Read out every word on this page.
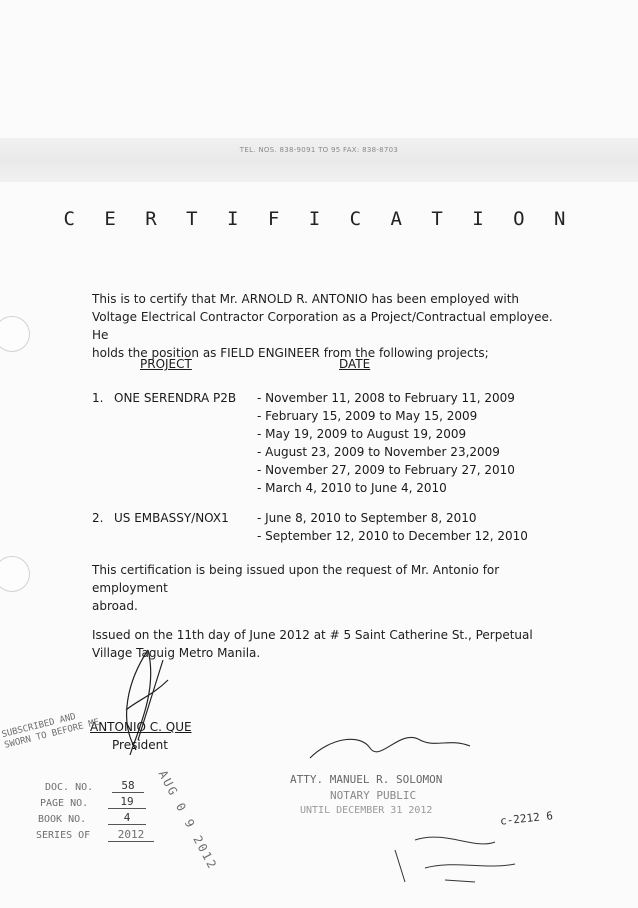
TEL. NOS. 838-9091 TO 95 FAX: 838-8703
C E R T I F I C A T I O N
This is to certify that Mr. ARNOLD R. ANTONIO has been employed with
Voltage Electrical Contractor Corporation as a Project/Contractual employee. He
holds the position as FIELD ENGINEER from the following projects;
PROJECT	DATE
1. ONE SERENDRA P2B - November 11, 2008 to February 11, 2009
- February 15, 2009 to May 15, 2009
- May 19, 2009 to August 19, 2009
- August 23, 2009 to November 23,2009
- November 27, 2009 to February 27, 2010
- March 4, 2010 to June 4, 2010
2. US EMBASSY/NOX1 - June 8, 2010 to September 8, 2010
- September 12, 2010 to December 12, 2010
This certification is being issued upon the request of Mr. Antonio for employment
abroad.
Issued on the 11th day of June 2012 at # 5 Saint Catherine St., Perpetual
Village Taguig Metro Manila.
ANTONIO C. QUE
President
SUBSCRIBED AND SWORN TO BEFORE ME
DOC. NO.	58
PAGE NO.	19
BOOK NO.	4
SERIES OF	2012 AUG 0 9 2012	ATTY. MANUEL R. SOLOMON
NOTARY PUBLIC
UNTIL DECEMBER 31 2012	c-2212 6
